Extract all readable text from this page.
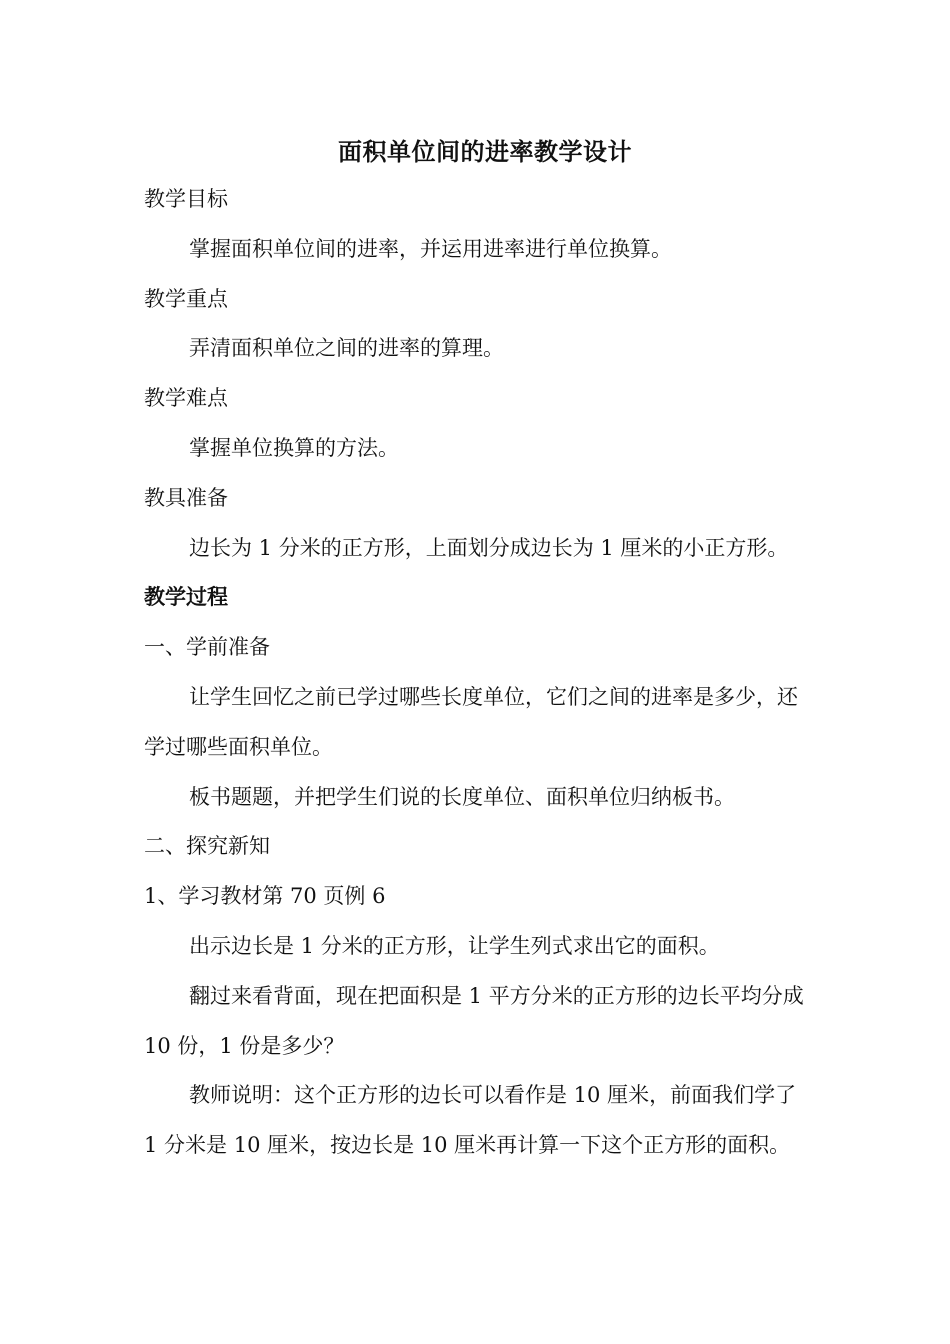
面积单位间的进率教学设计

教学目标

掌握面积单位间的进率，并运用进率进行单位换算。

教学重点

弄清面积单位之间的进率的算理。

教学难点

掌握单位换算的方法。

教具准备

边长为 1 分米的正方形，上面划分成边长为 1 厘米的小正方形。

教学过程

一、学前准备

让学生回忆之前已学过哪些长度单位，它们之间的进率是多少，还学过哪些面积单位。

板书题题，并把学生们说的长度单位、面积单位归纳板书。

二、探究新知

1、学习教材第 70 页例 6

出示边长是 1 分米的正方形，让学生列式求出它的面积。

翻过来看背面，现在把面积是 1 平方分米的正方形的边长平均分成 10 份，1 份是多少？

教师说明：这个正方形的边长可以看作是 10 厘米，前面我们学了 1 分米是 10 厘米，按边长是 10 厘米再计算一下这个正方形的面积。
